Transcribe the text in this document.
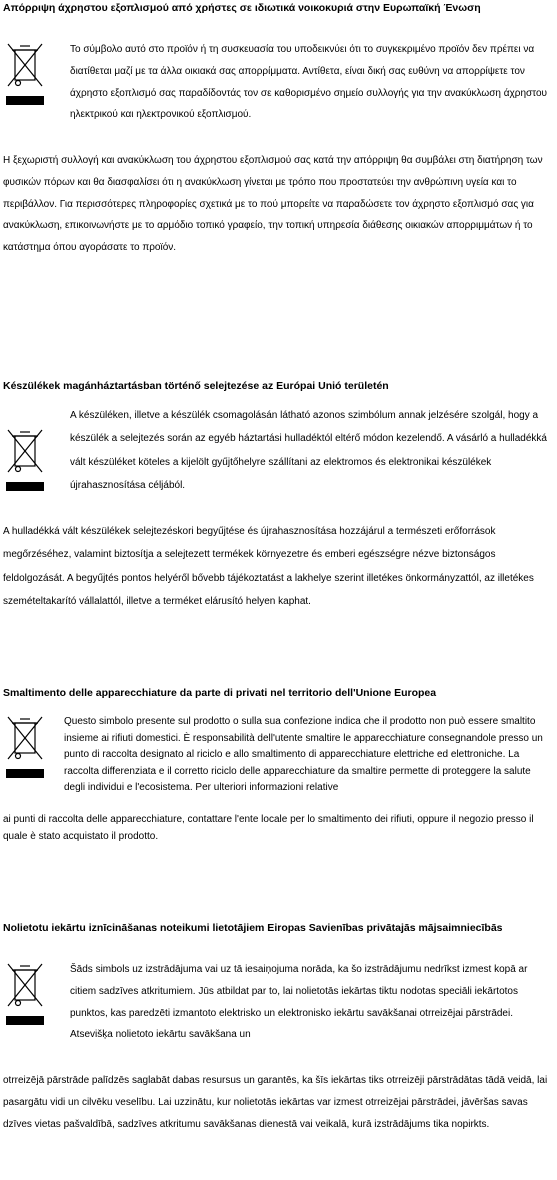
Απόρριψη άχρηστου εξοπλισμού από χρήστες σε ιδιωτικά νοικοκυριά στην Ευρωπαϊκή Ένωση

Το σύμβολο αυτό στο προϊόν ή τη συσκευασία του υποδεικνύει ότι το συγκεκριμένο προϊόν δεν πρέπει να διατίθεται μαζί με τα άλλα οικιακά σας απορρίμματα. Αντίθετα, είναι δική σας ευθύνη να απορρίψετε τον άχρηστο εξοπλισμό σας παραδίδοντάς τον σε καθορισμένο σημείο συλλογής για την ανακύκλωση άχρηστου ηλεκτρικού και ηλεκτρονικού εξοπλισμού.

Η ξεχωριστή συλλογή και ανακύκλωση του άχρηστου εξοπλισμού σας κατά την απόρριψη θα συμβάλει στη διατήρηση των φυσικών πόρων και θα διασφαλίσει ότι η ανακύκλωση γίνεται με τρόπο που προστατεύει την ανθρώπινη υγεία και το περιβάλλον. Για περισσότερες πληροφορίες σχετικά με το πού μπορείτε να παραδώσετε τον άχρηστο εξοπλισμό σας για ανακύκλωση, επικοινωνήστε με το αρμόδιο τοπικό γραφείο, την τοπική υπηρεσία διάθεσης οικιακών απορριμμάτων ή το κατάστημα όπου αγοράσατε το προϊόν.

Készülékek magánháztartásban történő selejtezése az Európai Unió területén

A készüléken, illetve a készülék csomagolásán látható azonos szimbólum annak jelzésére szolgál, hogy a készülék a selejtezés során az egyéb háztartási hulladéktól eltérő módon kezelendő. A vásárló a hulladékká vált készüléket köteles a kijelölt gyűjtőhelyre szállítani az elektromos és elektronikai készülékek újrahasznosítása céljából.

A hulladékká vált készülékek selejtezéskori begyűjtése és újrahasznosítása hozzájárul a természeti erőforrások megőrzéséhez, valamint biztosítja a selejtezett termékek környezetre és emberi egészségre nézve biztonságos feldolgozását. A begyűjtés pontos helyéről bővebb tájékoztatást a lakhelye szerint illetékes önkormányzattól, az illetékes szemételtakarító vállalattól, illetve a terméket elárusító helyen kaphat.

Smaltimento delle apparecchiature da parte di privati nel territorio dell'Unione Europea

Questo simbolo presente sul prodotto o sulla sua confezione indica che il prodotto non può essere smaltito insieme ai rifiuti domestici. È responsabilità dell'utente smaltire le apparecchiature consegnandole presso un punto di raccolta designato al riciclo e allo smaltimento di apparecchiature elettriche ed elettroniche. La raccolta differenziata e il corretto riciclo delle apparecchiature da smaltire permette di proteggere la salute degli individui e l'ecosistema. Per ulteriori informazioni relative

ai punti di raccolta delle apparecchiature, contattare l'ente locale per lo smaltimento dei rifiuti, oppure il negozio presso il quale è stato acquistato il prodotto.

Nolietotu iekārtu iznīcināšanas noteikumi lietotājiem Eiropas Savienības privātajās mājsaimniecībās

Šāds simbols uz izstrādājuma vai uz tā iesaiņojuma norāda, ka šo izstrādājumu nedrīkst izmest kopā ar citiem sadzīves atkritumiem. Jūs atbildat par to, lai nolietotās iekārtas tiktu nodotas speciāli iekārtotos punktos, kas paredzēti izmantoto elektrisko un elektronisko iekārtu savākšanai otrreizējai pārstrādei. Atsevišķa nolietoto iekārtu savākšana un

otrreizējā pārstrāde palīdzēs saglabāt dabas resursus un garantēs, ka šīs iekārtas tiks otrreizēji pārstrādātas tādā veidā, lai pasargātu vidi un cilvēku veselību. Lai uzzinātu, kur nolietotās iekārtas var izmest otrreizējai pārstrādei, jāvēršas savas dzīves vietas pašvaldībā, sadzīves atkritumu savākšanas dienestā vai veikalā, kurā izstrādājums tika nopirkts.
